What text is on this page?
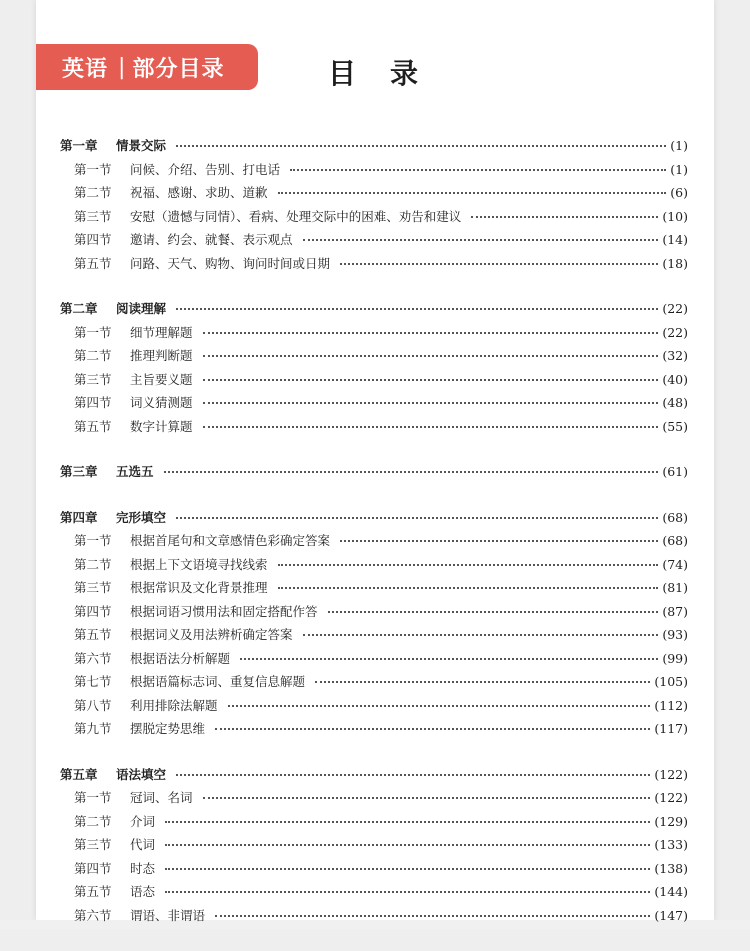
英语 | 部分目录	目录
第一章	情景交际	(1)
第一节	问候、介绍、告别、打电话	(1)
第二节	祝福、感谢、求助、道歉	(6)
第三节	安慰（遗憾与同情）、看病、处理交际中的困难、劝告和建议	(10)
第四节	邀请、约会、就餐、表示观点	(14)
第五节	问路、天气、购物、询问时间或日期	(18)
第二章	阅读理解	(22)
第一节	细节理解题	(22)
第二节	推理判断题	(32)
第三节	主旨要义题	(40)
第四节	词义猜测题	(48)
第五节	数字计算题	(55)
第三章	五选五	(61)
第四章	完形填空	(68)
第一节	根据首尾句和文章感情色彩确定答案	(68)
第二节	根据上下文语境寻找线索	(74)
第三节	根据常识及文化背景推理	(81)
第四节	根据词语习惯用法和固定搭配作答	(87)
第五节	根据词义及用法辨析确定答案	(93)
第六节	根据语法分析解题	(99)
第七节	根据语篇标志词、重复信息解题	(105)
第八节	利用排除法解题	(112)
第九节	摆脱定势思维	(117)
第五章	语法填空	(122)
第一节	冠词、名词	(122)
第二节	介词	(129)
第三节	代词	(133)
第四节	时态	(138)
第五节	语态	(144)
第六节	谓语、非谓语	(147)
